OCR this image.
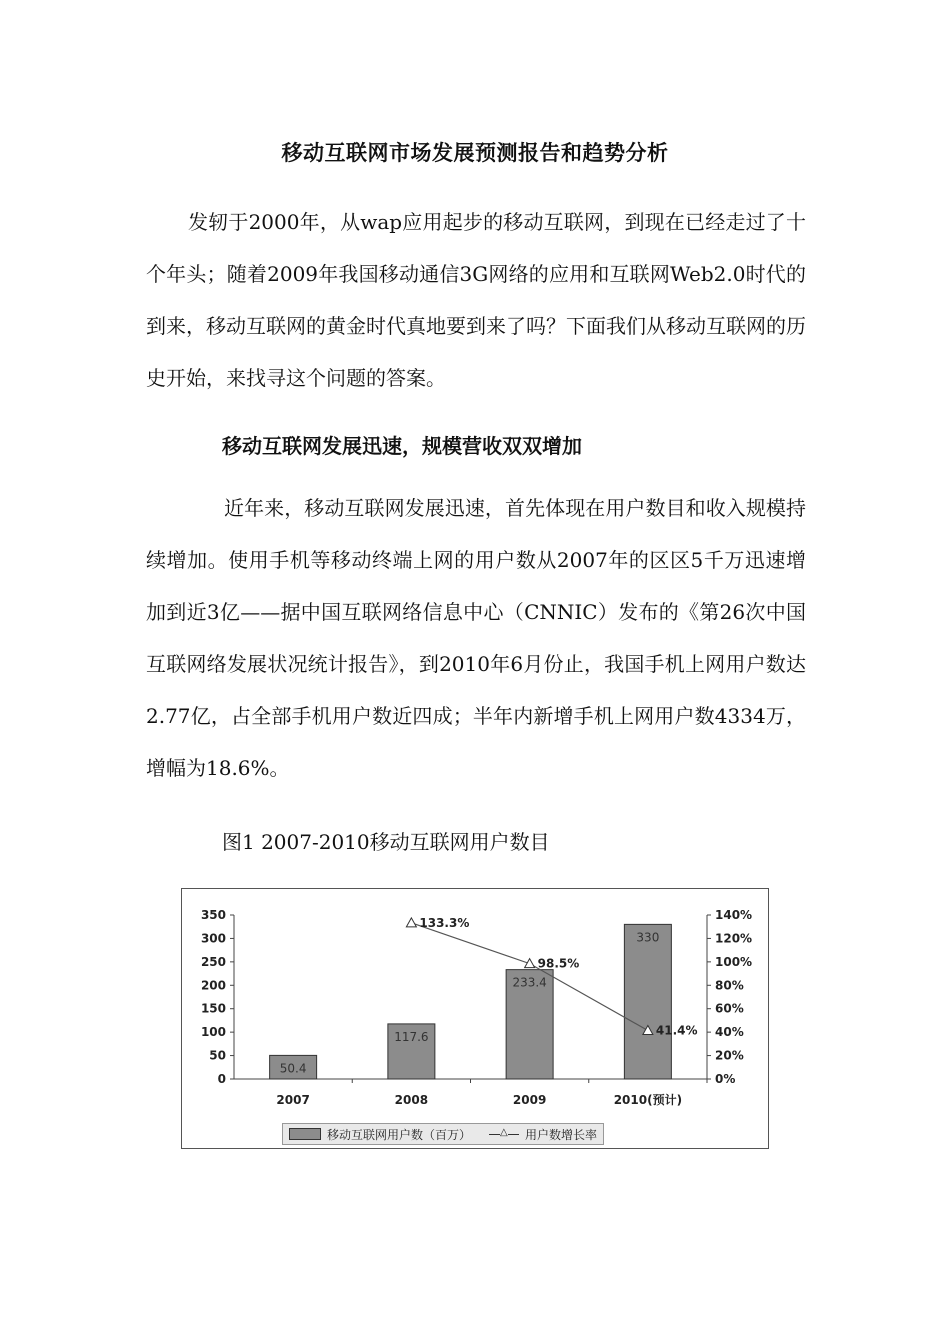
移动互联网市场发展预测报告和趋势分析

发轫于2000年，从wap应用起步的移动互联网，到现在已经走过了十个年头；随着2009年我国移动通信3G网络的应用和互联网Web2.0时代的到来，移动互联网的黄金时代真地要到来了吗？下面我们从移动互联网的历史开始，来找寻这个问题的答案。

移动互联网发展迅速，规模营收双双增加

近年来，移动互联网发展迅速，首先体现在用户数目和收入规模持续增加。使用手机等移动终端上网的用户数从2007年的区区5千万迅速增加到近3亿——据中国互联网络信息中心（CNNIC）发布的《第26次中国互联网络发展状况统计报告》，到2010年6月份止，我国手机上网用户数达2.77亿，占全部手机用户数近四成；半年内新增手机上网用户数4334万，增幅为18.6%。

图1 2007-2010移动互联网用户数目
0
50
100
150
200
250
300
350
0%
20%
40%
60%
80%
100%
120%
140%
2007
50.4
2008
117.6
2009
233.4
2010(预计)
330
133.3%
98.5%
41.4%
移动互联网用户数（百万）	△ 用户数增长率
